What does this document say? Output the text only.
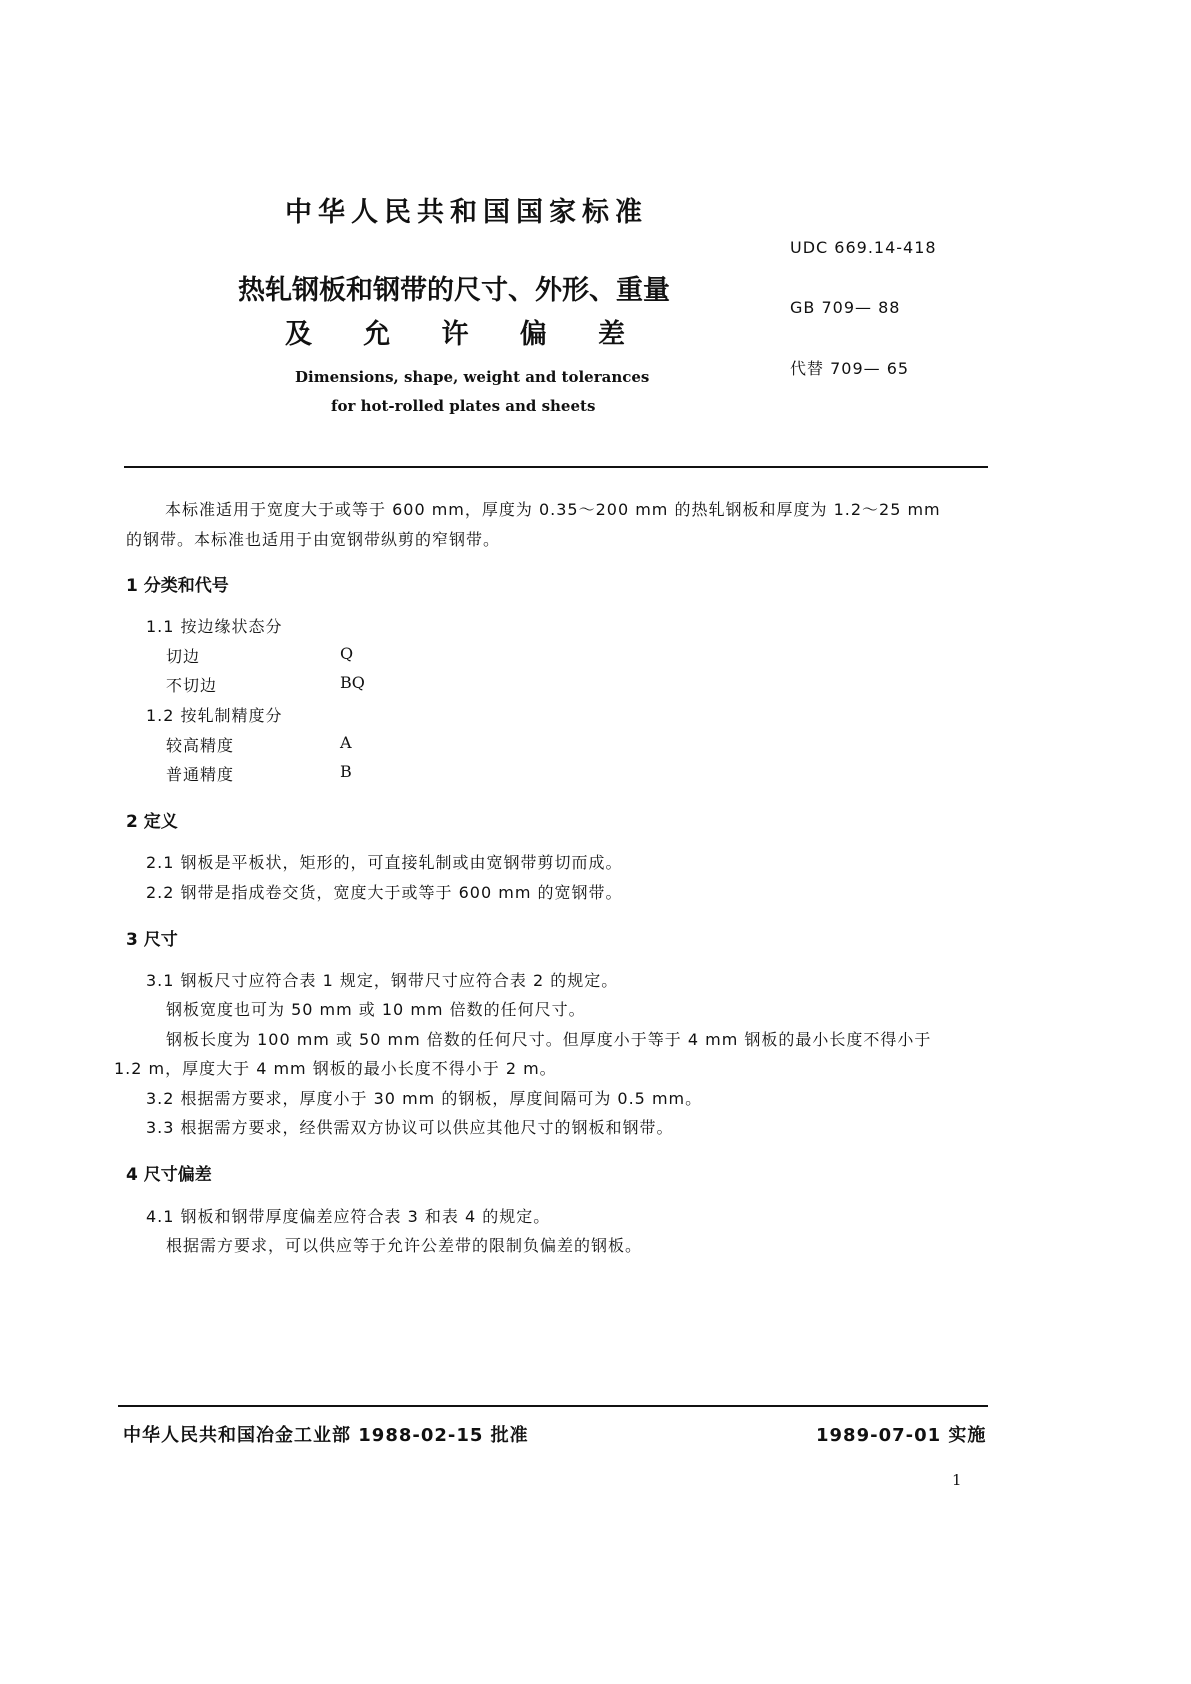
中华人民共和国国家标准
UDC 669.14-418
GB 709— 88
代替 709— 65
热轧钢板和钢带的尺寸、外形、重量
及 允 许 偏 差
Dimensions, shape, weight and tolerances
for hot-rolled plates and sheets
本标准适用于宽度大于或等于 600 mm，厚度为 0.35～200 mm 的热轧钢板和厚度为 1.2～25 mm
的钢带。本标准也适用于由宽钢带纵剪的窄钢带。
1 分类和代号
1.1 按边缘状态分
切边	Q
不切边	BQ
1.2 按轧制精度分
较高精度	A
普通精度	B
2 定义
2.1 钢板是平板状，矩形的，可直接轧制或由宽钢带剪切而成。
2.2 钢带是指成卷交货，宽度大于或等于 600 mm 的宽钢带。
3 尺寸
3.1 钢板尺寸应符合表 1 规定，钢带尺寸应符合表 2 的规定。
钢板宽度也可为 50 mm 或 10 mm 倍数的任何尺寸。
钢板长度为 100 mm 或 50 mm 倍数的任何尺寸。但厚度小于等于 4 mm 钢板的最小长度不得小于
1.2 m，厚度大于 4 mm 钢板的最小长度不得小于 2 m。
3.2 根据需方要求，厚度小于 30 mm 的钢板，厚度间隔可为 0.5 mm。
3.3 根据需方要求，经供需双方协议可以供应其他尺寸的钢板和钢带。
4 尺寸偏差
4.1 钢板和钢带厚度偏差应符合表 3 和表 4 的规定。
根据需方要求，可以供应等于允许公差带的限制负偏差的钢板。
中华人民共和国冶金工业部 1988-02-15 批准	1989-07-01 实施
1
